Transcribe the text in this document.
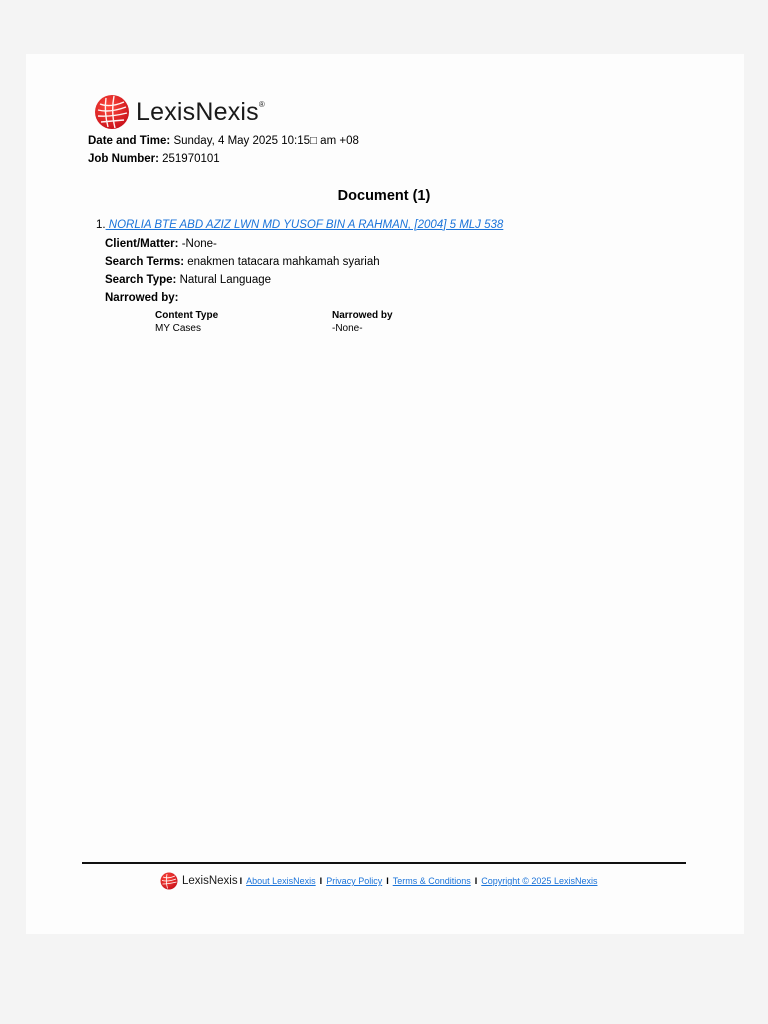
LexisNexis®
Date and Time: Sunday, 4 May 2025 10:15□ am +08
Job Number: 251970101
Document (1)
1. NORLIA BTE ABD AZIZ LWN MD YUSOF BIN A RAHMAN, [2004] 5 MLJ 538
Client/Matter: -None-
Search Terms: enakmen tatacara mahkamah syariah
Search Type: Natural Language
Narrowed by:
Content Type
MY Cases
Narrowed by
-None-
LexisNexis I About LexisNexis I Privacy Policy I Terms & Conditions I Copyright © 2025 LexisNexis
